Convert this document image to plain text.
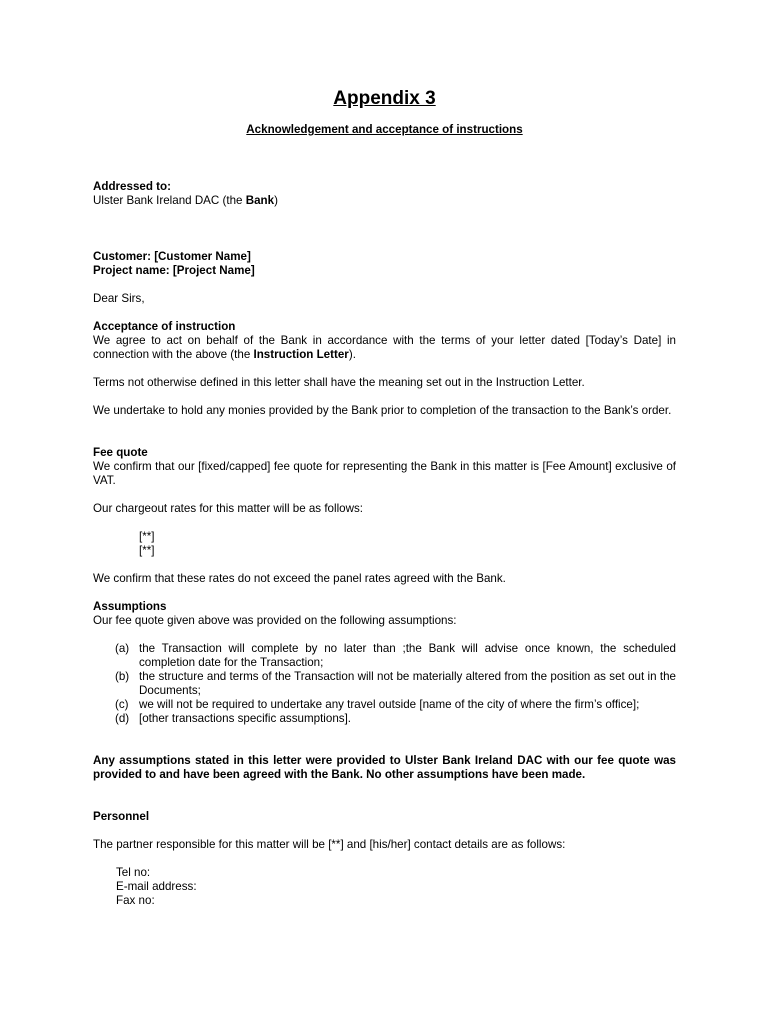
Appendix 3
Acknowledgement and acceptance of instructions
Addressed to:
Ulster Bank Ireland DAC (the Bank)
Customer: [Customer Name]
Project name: [Project Name]
Dear Sirs,
Acceptance of instruction
We agree to act on behalf of the Bank in accordance with the terms of your letter dated [Today’s Date] in connection with the above (the Instruction Letter).
Terms not otherwise defined in this letter shall have the meaning set out in the Instruction Letter.
We undertake to hold any monies provided by the Bank prior to completion of the transaction to the Bank’s order.
Fee quote
We confirm that our [fixed/capped] fee quote for representing the Bank in this matter is [Fee Amount] exclusive of VAT.
Our chargeout rates for this matter will be as follows:
[**]
[**]
We confirm that these rates do not exceed the panel rates agreed with the Bank.
Assumptions
Our fee quote given above was provided on the following assumptions:
(a) the Transaction will complete by no later than ;the Bank will advise once known, the scheduled completion date for the Transaction;
(b) the structure and terms of the Transaction will not be materially altered from the position as set out in the Documents;
(c) we will not be required to undertake any travel outside [name of the city of where the firm’s office];
(d) [other transactions specific assumptions].
Any assumptions stated in this letter were provided to Ulster Bank Ireland DAC with our fee quote was provided to and have been agreed with the Bank. No other assumptions have been made.
Personnel
The partner responsible for this matter will be [**] and [his/her] contact details are as follows:
Tel no:
E-mail address:
Fax no:
